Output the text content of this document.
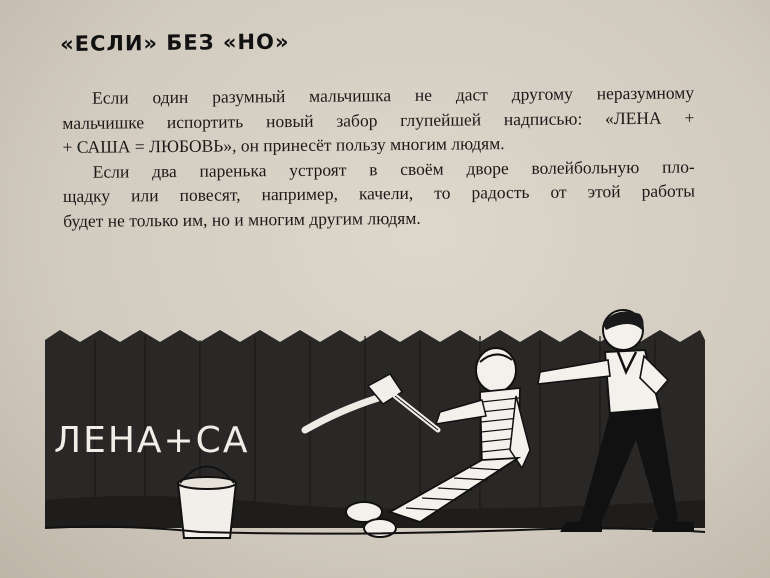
«ЕСЛИ» БЕЗ «НО»
Если один разумный мальчишка не даст другому неразумному
мальчишке испортить новый забор глупейшей надписью: «ЛЕНА +
+ САША = ЛЮБОВЬ», он принесёт пользу многим людям.
Если два паренька устроят в своём дворе волейбольную пло-
щадку или повесят, например, качели, то радость от этой работы
будет не только им, но и многим другим людям.
ЛЕНА+СА
